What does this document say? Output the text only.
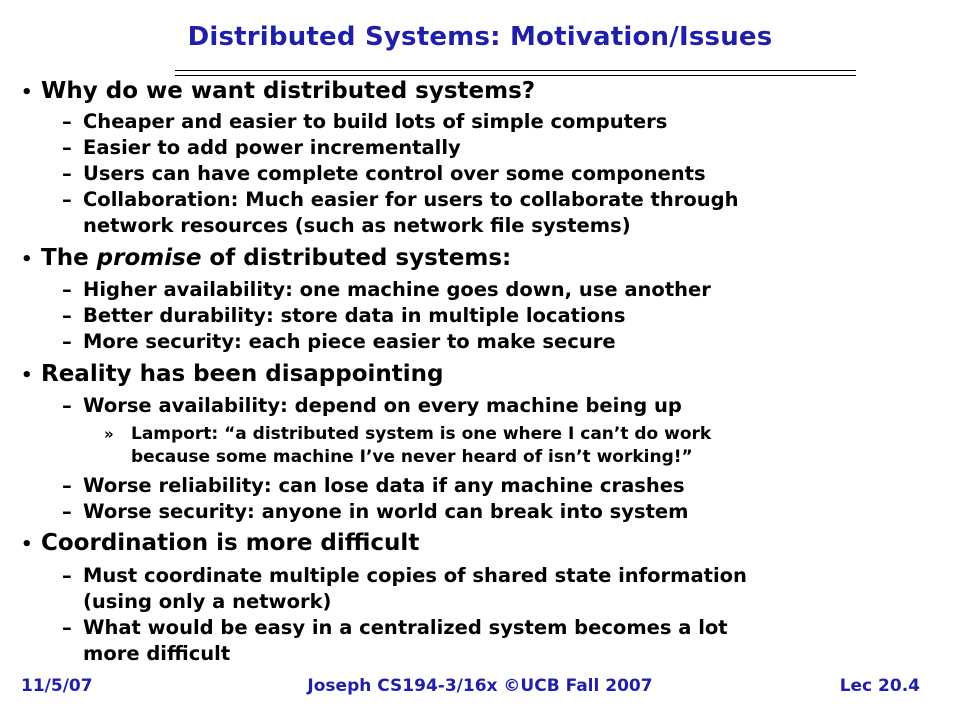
Distributed Systems: Motivation/Issues
• Why do we want distributed systems?
– Cheaper and easier to build lots of simple computers
– Easier to add power incrementally
– Users can have complete control over some components
– Collaboration: Much easier for users to collaborate through
network resources (such as network file systems)
• The promise of distributed systems:
– Higher availability: one machine goes down, use another
– Better durability: store data in multiple locations
– More security: each piece easier to make secure
• Reality has been disappointing
– Worse availability: depend on every machine being up
» Lamport: “a distributed system is one where I can’t do work
because some machine I’ve never heard of isn’t working!”
– Worse reliability: can lose data if any machine crashes
– Worse security: anyone in world can break into system
• Coordination is more difficult
– Must coordinate multiple copies of shared state information
(using only a network)
– What would be easy in a centralized system becomes a lot
more difficult
11/5/07	Joseph CS194-3/16x ©UCB Fall 2007	Lec 20.4
